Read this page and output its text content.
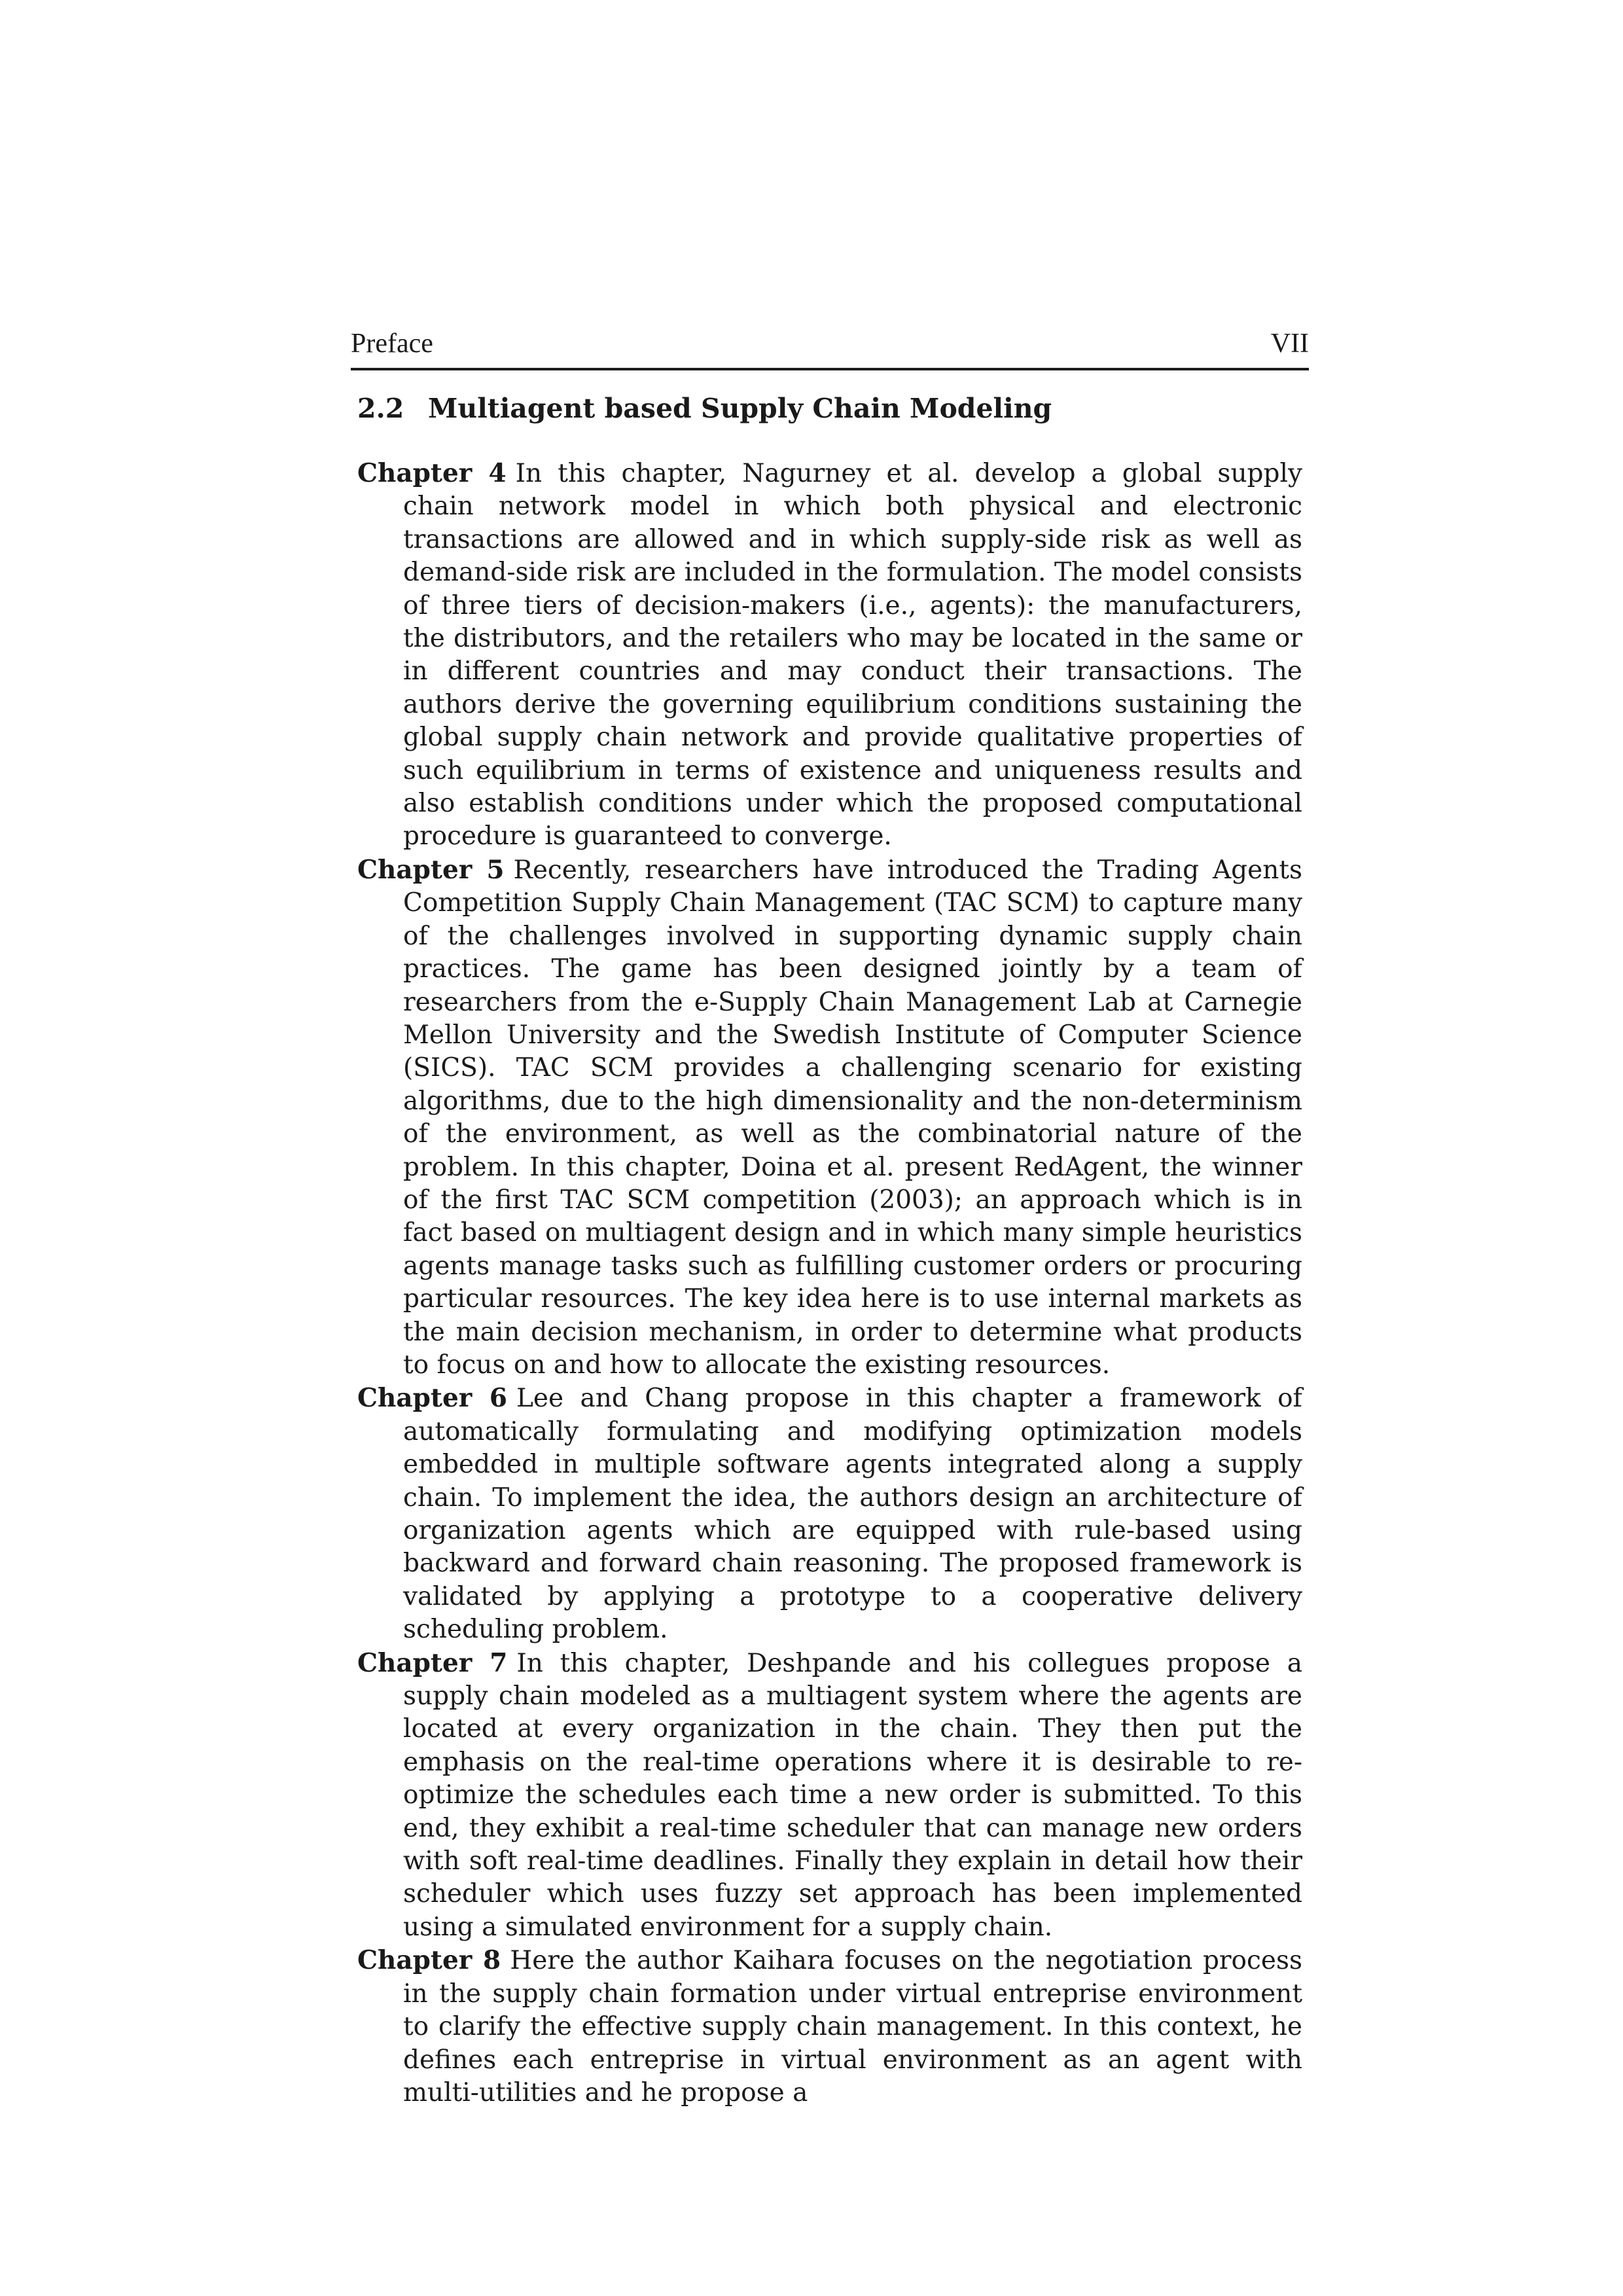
Preface	VII
2.2 Multiagent based Supply Chain Modeling

Chapter 4 In this chapter, Nagurney et al. develop a global supply chain network model in which both physical and electronic transactions are allowed and in which supply-side risk as well as demand-side risk are included in the formulation. The model consists of three tiers of decision-makers (i.e., agents): the manufacturers, the distributors, and the retailers who may be located in the same or in different countries and may conduct their transactions. The authors derive the governing equilibrium conditions sustaining the global supply chain network and provide qualitative properties of such equilibrium in terms of existence and uniqueness results and also establish conditions under which the proposed computational procedure is guaranteed to converge.

Chapter 5 Recently, researchers have introduced the Trading Agents Competition Supply Chain Management (TAC SCM) to capture many of the challenges involved in supporting dynamic supply chain practices. The game has been designed jointly by a team of researchers from the e-Supply Chain Management Lab at Carnegie Mellon University and the Swedish Institute of Computer Science (SICS). TAC SCM provides a challenging scenario for existing algorithms, due to the high dimensionality and the non-determinism of the environment, as well as the combinatorial nature of the problem. In this chapter, Doina et al. present RedAgent, the winner of the first TAC SCM competition (2003); an approach which is in fact based on multiagent design and in which many simple heuristics agents manage tasks such as fulfilling customer orders or procuring particular resources. The key idea here is to use internal markets as the main decision mechanism, in order to determine what products to focus on and how to allocate the existing resources.

Chapter 6 Lee and Chang propose in this chapter a framework of automatically formulating and modifying optimization models embedded in multiple software agents integrated along a supply chain. To implement the idea, the authors design an architecture of organization agents which are equipped with rule-based using backward and forward chain reasoning. The proposed framework is validated by applying a prototype to a cooperative delivery scheduling problem.

Chapter 7 In this chapter, Deshpande and his collegues propose a supply chain modeled as a multiagent system where the agents are located at every organization in the chain. They then put the emphasis on the real-time operations where it is desirable to re-optimize the schedules each time a new order is submitted. To this end, they exhibit a real-time scheduler that can manage new orders with soft real-time deadlines. Finally they explain in detail how their scheduler which uses fuzzy set approach has been implemented using a simulated environment for a supply chain.

Chapter 8 Here the author Kaihara focuses on the negotiation process in the supply chain formation under virtual entreprise environment to clarify the effective supply chain management. In this context, he defines each entreprise in virtual environment as an agent with multi-utilities and he propose a
